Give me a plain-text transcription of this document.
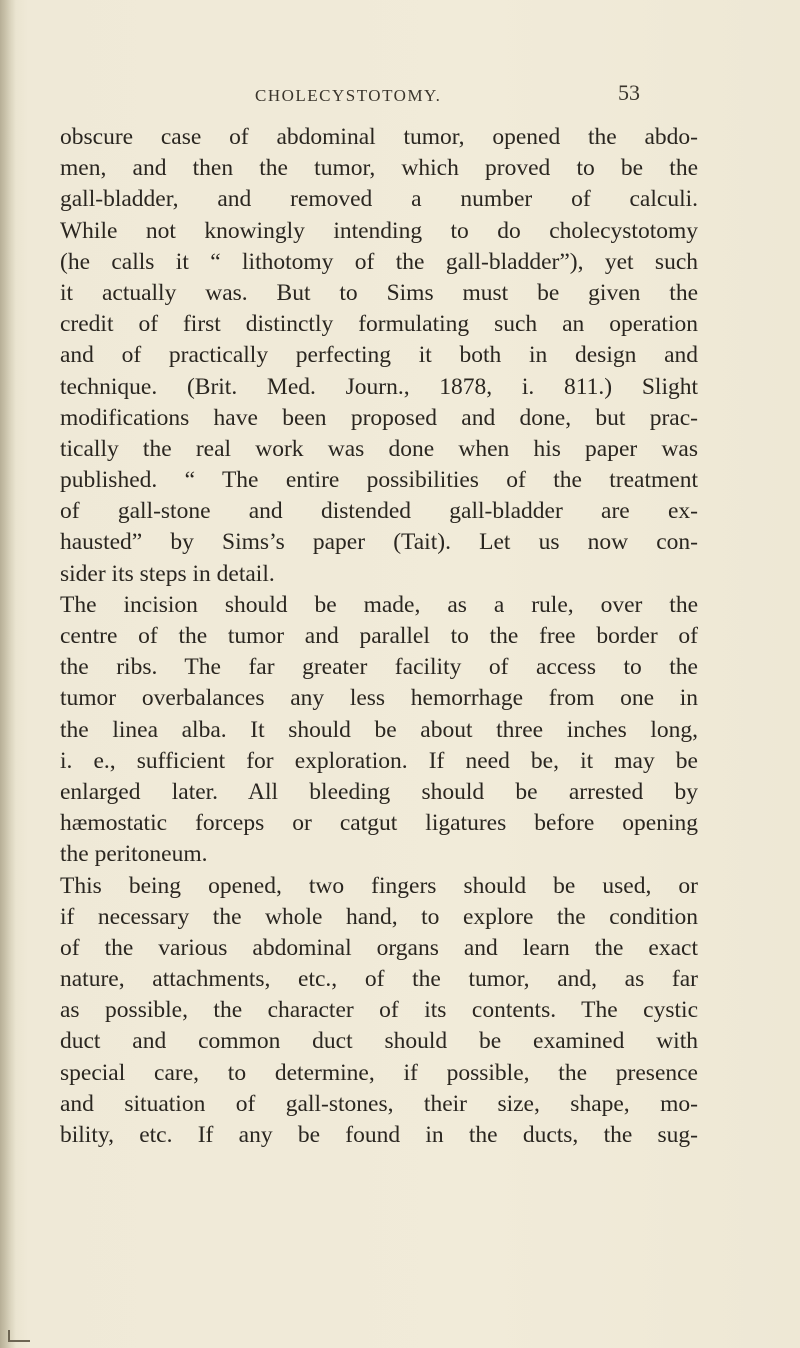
CHOLECYSTOTOMY.	53
obscure case of abdominal tumor, opened the abdo-
men, and then the tumor, which proved to be the
gall-bladder, and removed a number of calculi.
While not knowingly intending to do cholecystotomy
(he calls it “ lithotomy of the gall-bladder”), yet such
it actually was. But to Sims must be given the
credit of first distinctly formulating such an operation
and of practically perfecting it both in design and
technique. (Brit. Med. Journ., 1878, i. 811.) Slight
modifications have been proposed and done, but prac-
tically the real work was done when his paper was
published. “ The entire possibilities of the treatment
of gall-stone and distended gall-bladder are ex-
hausted” by Sims’s paper (Tait). Let us now con-
sider its steps in detail.
The incision should be made, as a rule, over the
centre of the tumor and parallel to the free border of
the ribs. The far greater facility of access to the
tumor overbalances any less hemorrhage from one in
the linea alba. It should be about three inches long,
i. e., sufficient for exploration. If need be, it may be
enlarged later. All bleeding should be arrested by
hæmostatic forceps or catgut ligatures before opening
the peritoneum.
This being opened, two fingers should be used, or
if necessary the whole hand, to explore the condition
of the various abdominal organs and learn the exact
nature, attachments, etc., of the tumor, and, as far
as possible, the character of its contents. The cystic
duct and common duct should be examined with
special care, to determine, if possible, the presence
and situation of gall-stones, their size, shape, mo-
bility, etc. If any be found in the ducts, the sug-
